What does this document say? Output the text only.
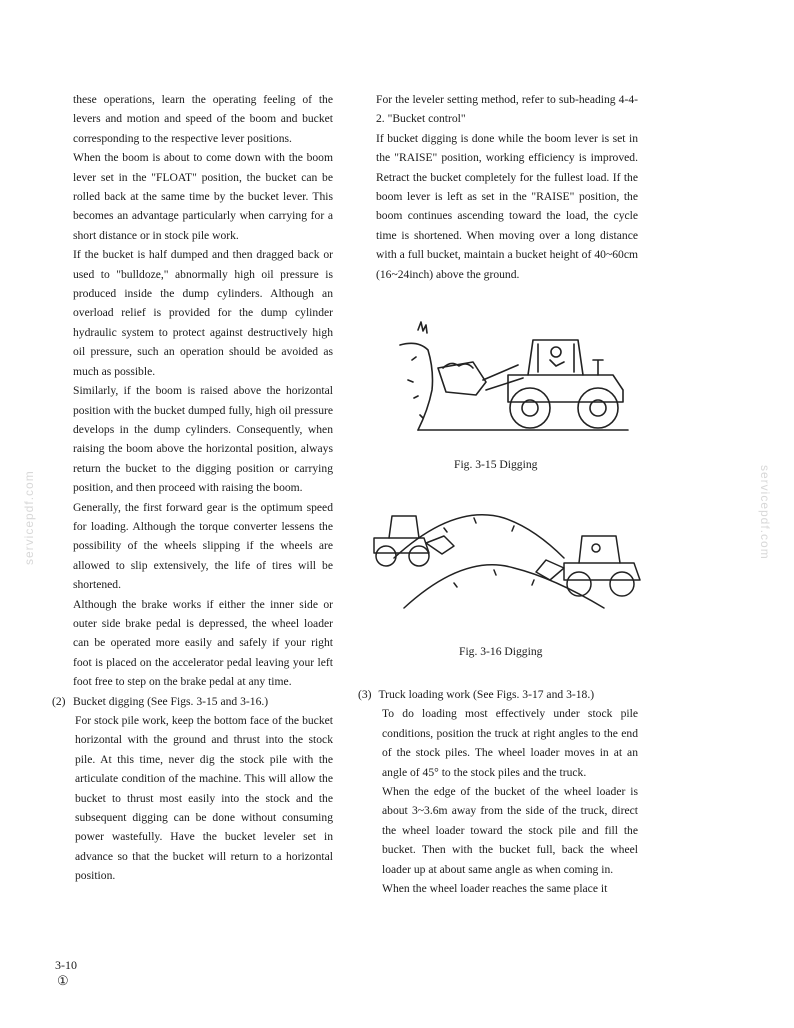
servicepdf.com	servicepdf.com

these operations, learn the operating feeling of the levers and motion and speed of the boom and bucket corresponding to the respective lever positions.

When the boom is about to come down with the boom lever set in the "FLOAT" position, the bucket can be rolled back at the same time by the bucket lever. This becomes an advantage particularly when carrying for a short distance or in stock pile work.

If the bucket is half dumped and then dragged back or used to "bulldoze," abnormally high oil pressure is produced inside the dump cylinders. Although an overload relief is provided for the dump cylinder hydraulic system to protect against destructively high oil pressure, such an operation should be avoided as much as possible.

Similarly, if the boom is raised above the horizontal position with the bucket dumped fully, high oil pressure develops in the dump cylinders. Consequently, when raising the boom above the horizontal position, always return the bucket to the digging position or carrying position, and then proceed with raising the boom.

Generally, the first forward gear is the optimum speed for loading. Although the torque converter lessens the possibility of the wheels slipping if the wheels are allowed to slip extensively, the life of tires will be shortened.

Although the brake works if either the inner side or outer side brake pedal is depressed, the wheel loader can be operated more easily and safely if your right foot is placed on the accelerator pedal leaving your left foot free to step on the brake pedal at any time.

(2) Bucket digging (See Figs. 3-15 and 3-16.)

For stock pile work, keep the bottom face of the bucket horizontal with the ground and thrust into the stock pile. At this time, never dig the stock pile with the articulate condition of the machine. This will allow the bucket to thrust most easily into the stock and the subsequent digging can be done without consuming power wastefully. Have the bucket leveler set in advance so that the bucket will return to a horizontal position.

For the leveler setting method, refer to sub-heading 4-4-2. "Bucket control"

If bucket digging is done while the boom lever is set in the "RAISE" position, working efficiency is improved. Retract the bucket completely for the fullest load. If the boom lever is left as set in the "RAISE" position, the boom continues ascending toward the load, the cycle time is shortened. When moving over a long distance with a full bucket, maintain a bucket height of 40~60cm (16~24inch) above the ground.

Fig. 3-15 Digging
Fig. 3-16 Digging
(3) Truck loading work (See Figs. 3-17 and 3-18.)

To do loading most effectively under stock pile conditions, position the truck at right angles to the end of the stock piles. The wheel loader moves in at an angle of 45° to the stock piles and the truck.

When the edge of the bucket of the wheel loader is about 3~3.6m away from the side of the truck, direct the wheel loader toward the stock pile and fill the bucket. Then with the bucket full, back the wheel loader up at about same angle as when coming in.

When the wheel loader reaches the same place it

3-10
①
